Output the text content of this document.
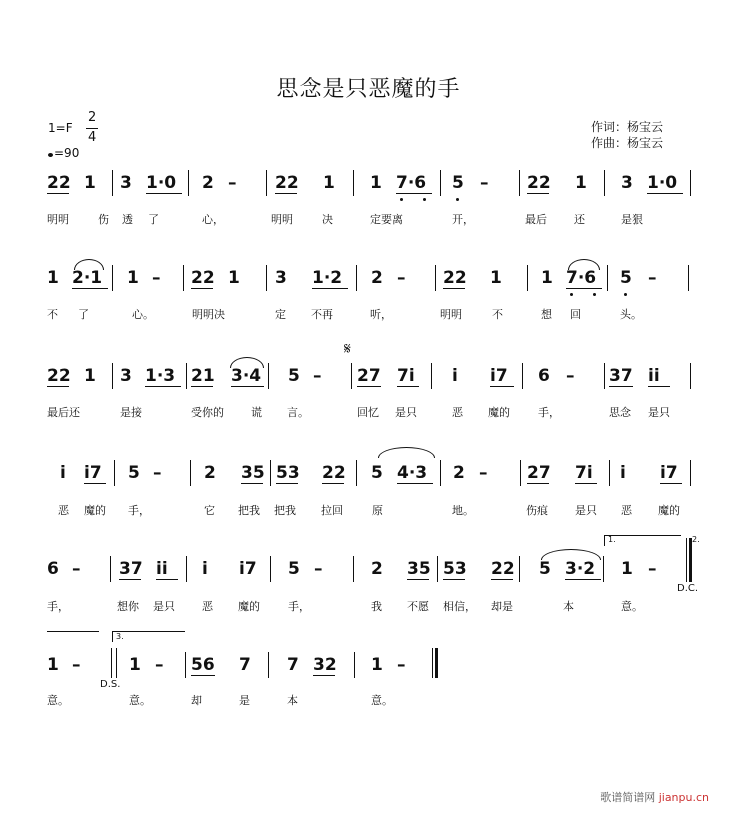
思念是只恶魔的手
1=F
2
4
=90
作词：杨宝云
作曲：杨宝云
22 1 3 1·0 2 – 22 1 1 7·6 5 – 22 1 3 1·0
明明	伤 透 了	心，	明明	决	定要离	开，	最后 还	是狠
1 2·1 1 – 22 1 3 1·2 2 – 22 1 1 7·6 5 –
不 了	心。	明明决	定 不再	听，	明明	不	想 回	头。
22 1 3 1·3 21 3·4 5 – 27 7i i i7 6 – 37 ii
𝄋
最后还	是接	受你的 谎 言。	回忆 是只	恶 魔的	手，	思念 是只
i i7 5 –	2 35 53 22 5 4·3 2 – 27 7i i i7
恶 魔的 手，	它 把我 把我 拉回	原	地。	伤痕 是只 恶 魔的
6 – 37 ii i i7 5 –	2 35 53 22 5 3·2 1 –
1.	2.
D.C.
手，	想你 是只 恶 魔的	手，	我 不愿 相信， 却是	本	意。
3.
1 –	1 – 56 7 7 32 1 –
D.S.
意。	意。	却	是	本	意。
歌谱简谱网 jianpu.cn
